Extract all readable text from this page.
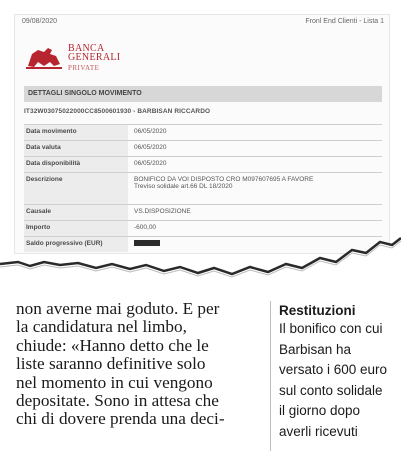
09/08/2020	Fronl End Clienti - Lista 1
BANCA
GENERALI
PRIVATE
DETTAGLI SINGOLO MOVIMENTO
IT32W03075022000CC8500601930 - BARBISAN RICCARDO
Data movimento	06/05/2020
Data valuta	06/05/2020
Data disponibilità	06/05/2020
Descrizione	BONIFICO DA VOI DISPOSTO CRO M097607695 A FAVORE
Treviso solidale art.66 DL 18/2020
Causale	VS.DISPOSIZIONE
Importo	-600,00
Saldo progressivo (EUR)
non averne mai goduto. E per
la candidatura nel limbo,
chiude: «Hanno detto che le
liste saranno definitive solo
nel momento in cui vengono
depositate. Sono in attesa che
chi di dovere prenda una deci-
Restituzioni
Il bonifico con cui
Barbisan ha
versato i 600 euro
sul conto solidale
il giorno dopo
averli ricevuti
